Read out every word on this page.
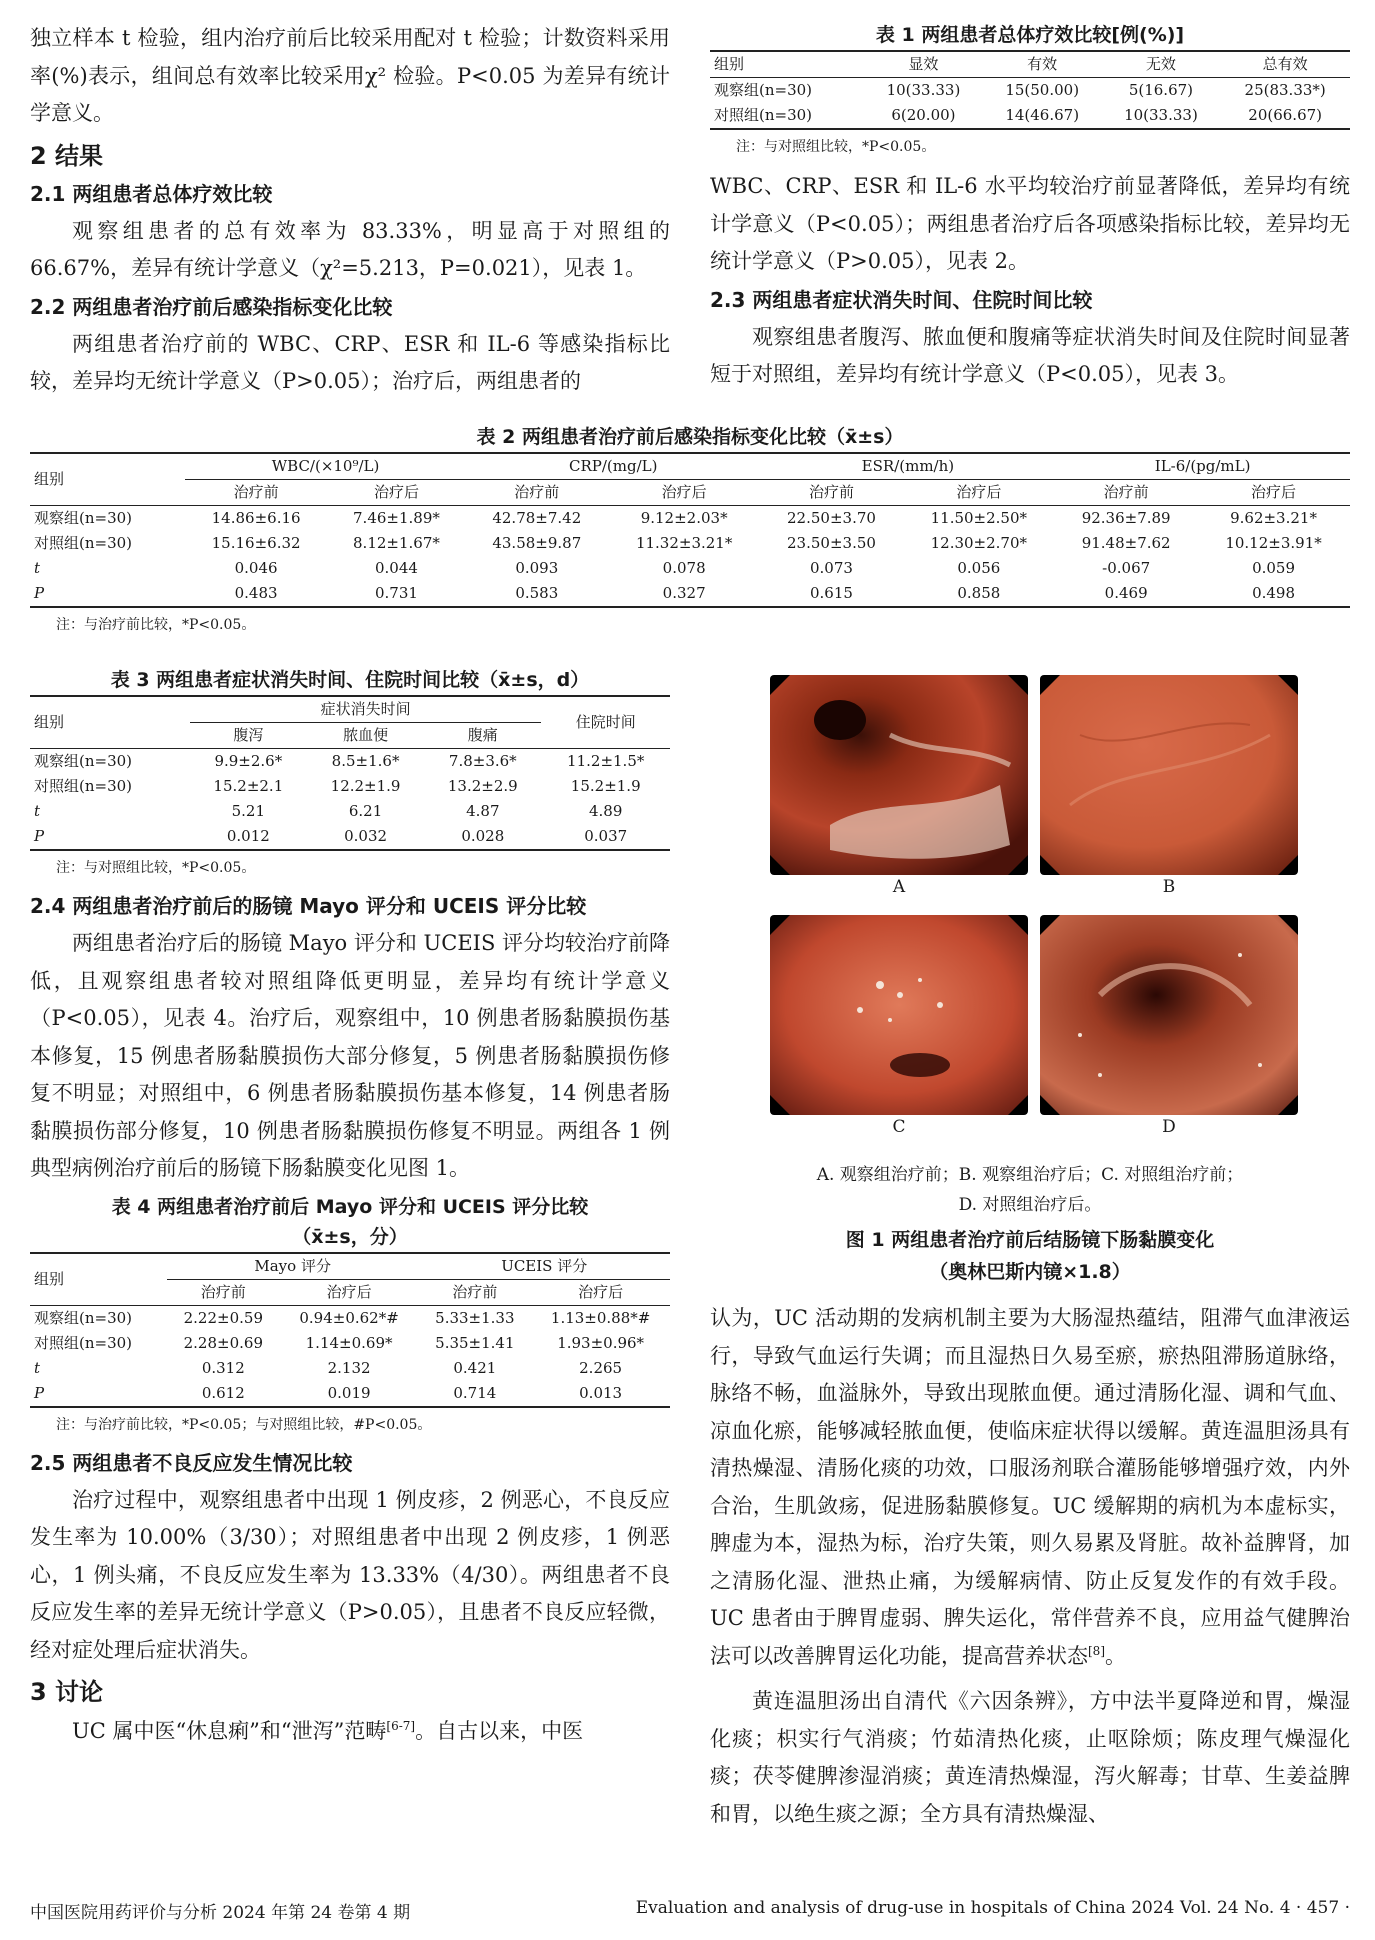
独立样本 t 检验，组内治疗前后比较采用配对 t 检验；计数资料采用率(%)表示，组间总有效率比较采用χ² 检验。P<0.05 为差异有统计学意义。

2 结果
2.1 两组患者总体疗效比较

观察组患者的总有效率为 83.33%，明显高于对照组的 66.67%，差异有统计学意义（χ²=5.213，P=0.021），见表 1。

2.2 两组患者治疗前后感染指标变化比较

两组患者治疗前的 WBC、CRP、ESR 和 IL-6 等感染指标比较，差异均无统计学意义（P>0.05）；治疗后，两组患者的

表 1 两组患者总体疗效比较[例(%)]

组别	显效	有效	无效	总有效
观察组(n=30)	10(33.33)	15(50.00)	5(16.67)	25(83.33*)
对照组(n=30)	6(20.00)	14(46.67)	10(33.33)	20(66.67)

注：与对照组比较，*P<0.05。

WBC、CRP、ESR 和 IL-6 水平均较治疗前显著降低，差异均有统计学意义（P<0.05）；两组患者治疗后各项感染指标比较，差异均无统计学意义（P>0.05），见表 2。

2.3 两组患者症状消失时间、住院时间比较

观察组患者腹泻、脓血便和腹痛等症状消失时间及住院时间显著短于对照组，差异均有统计学意义（P<0.05），见表 3。

表 2 两组患者治疗前后感染指标变化比较（x̄±s）

组别	WBC/(×10⁹/L)		CRP/(mg/L)		ESR/(mm/h)		IL-6/(pg/mL)	
	治疗前	治疗后	治疗前	治疗后	治疗前	治疗后	治疗前	治疗后
观察组(n=30)	14.86±6.16	7.46±1.89*	42.78±7.42	9.12±2.03*	22.50±3.70	11.50±2.50*	92.36±7.89	9.62±3.21*
对照组(n=30)	15.16±6.32	8.12±1.67*	43.58±9.87	11.32±3.21*	23.50±3.50	12.30±2.70*	91.48±7.62	10.12±3.91*
t	0.046	0.044	0.093	0.078	0.073	0.056	-0.067	0.059
P	0.483	0.731	0.583	0.327	0.615	0.858	0.469	0.498

注：与治疗前比较，*P<0.05。

表 3 两组患者症状消失时间、住院时间比较（x̄±s，d）

组别	症状消失时间			住院时间
	腹泻	脓血便	腹痛	
观察组(n=30)	9.9±2.6*	8.5±1.6*	7.8±3.6*	11.2±1.5*
对照组(n=30)	15.2±2.1	12.2±1.9	13.2±2.9	15.2±1.9
t	5.21	6.21	4.87	4.89
P	0.012	0.032	0.028	0.037

注：与对照组比较，*P<0.05。

2.4 两组患者治疗前后的肠镜 Mayo 评分和 UCEIS 评分比较

两组患者治疗后的肠镜 Mayo 评分和 UCEIS 评分均较治疗前降低，且观察组患者较对照组降低更明显，差异均有统计学意义（P<0.05），见表 4。治疗后，观察组中，10 例患者肠黏膜损伤基本修复，15 例患者肠黏膜损伤大部分修复，5 例患者肠黏膜损伤修复不明显；对照组中，6 例患者肠黏膜损伤基本修复，14 例患者肠黏膜损伤部分修复，10 例患者肠黏膜损伤修复不明显。两组各 1 例典型病例治疗前后的肠镜下肠黏膜变化见图 1。

表 4 两组患者治疗前后 Mayo 评分和 UCEIS 评分比较

（x̄±s，分）

组别	Mayo 评分		UCEIS 评分	
	治疗前	治疗后	治疗前	治疗后
观察组(n=30)	2.22±0.59	0.94±0.62*#	5.33±1.33	1.13±0.88*#
对照组(n=30)	2.28±0.69	1.14±0.69*	5.35±1.41	1.93±0.96*
t	0.312	2.132	0.421	2.265
P	0.612	0.019	0.714	0.013

注：与治疗前比较，*P<0.05；与对照组比较，#P<0.05。

2.5 两组患者不良反应发生情况比较

治疗过程中，观察组患者中出现 1 例皮疹，2 例恶心，不良反应发生率为 10.00%（3/30）；对照组患者中出现 2 例皮疹，1 例恶心，1 例头痛，不良反应发生率为 13.33%（4/30）。两组患者不良反应发生率的差异无统计学意义（P>0.05），且患者不良反应轻微，经对症处理后症状消失。

3 讨论

UC 属中医“休息痢”和“泄泻”范畴[6-7]。自古以来，中医

A	B
C	D

A. 观察组治疗前；B. 观察组治疗后；C. 对照组治疗前；

D. 对照组治疗后。

图 1 两组患者治疗前后结肠镜下肠黏膜变化

（奥林巴斯内镜×1.8）

认为，UC 活动期的发病机制主要为大肠湿热蕴结，阻滞气血津液运行，导致气血运行失调；而且湿热日久易至瘀，瘀热阻滞肠道脉络，脉络不畅，血溢脉外，导致出现脓血便。通过清肠化湿、调和气血、凉血化瘀，能够减轻脓血便，使临床症状得以缓解。黄连温胆汤具有清热燥湿、清肠化痰的功效，口服汤剂联合灌肠能够增强疗效，内外合治，生肌敛疡，促进肠黏膜修复。UC 缓解期的病机为本虚标实，脾虚为本，湿热为标，治疗失策，则久易累及肾脏。故补益脾肾，加之清肠化湿、泄热止痛，为缓解病情、防止反复发作的有效手段。UC 患者由于脾胃虚弱、脾失运化，常伴营养不良，应用益气健脾治法可以改善脾胃运化功能，提高营养状态[8]。

黄连温胆汤出自清代《六因条辨》，方中法半夏降逆和胃，燥湿化痰；枳实行气消痰；竹茹清热化痰，止呕除烦；陈皮理气燥湿化痰；茯苓健脾渗湿消痰；黄连清热燥湿，泻火解毒；甘草、生姜益脾和胃，以绝生痰之源；全方具有清热燥湿、

中国医院用药评价与分析 2024 年第 24 卷第 4 期	Evaluation and analysis of drug-use in hospitals of China 2024 Vol. 24 No. 4 · 457 ·
